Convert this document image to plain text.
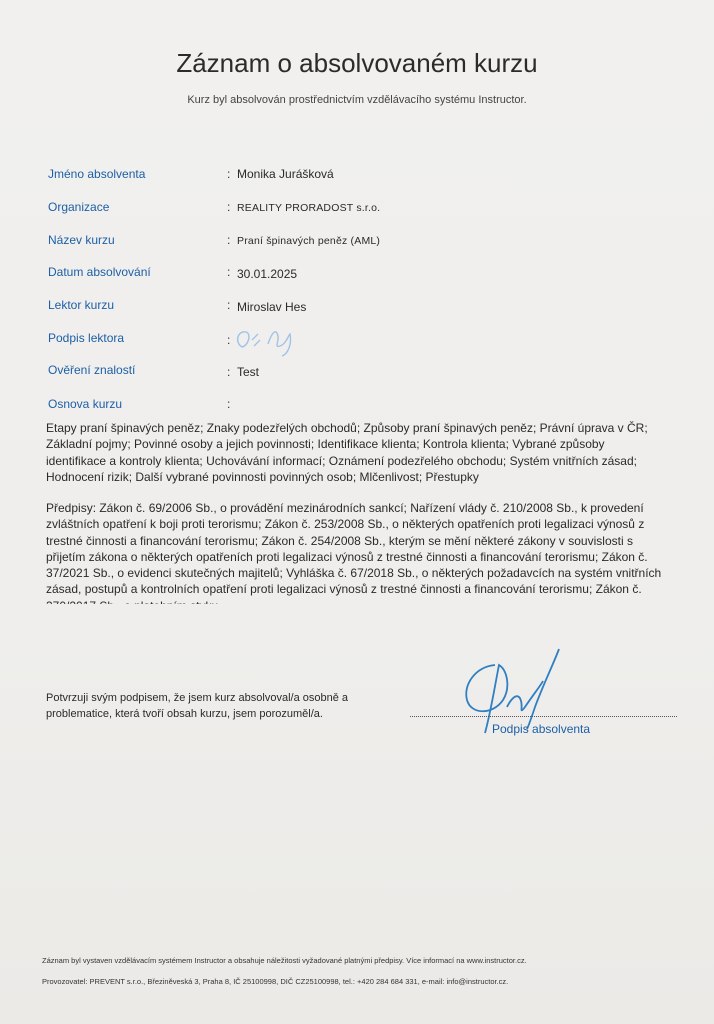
Záznam o absolvovaném kurzu
Kurz byl absolvován prostřednictvím vzdělávacího systému Instructor.
Jméno absolventa	: Monika Jurášková
Organizace	: REALITY PRORADOST s.r.o.
Název kurzu	: Praní špinavých peněz (AML)
Datum absolvování	: 30.01.2025
Lektor kurzu	: Miroslav Hes
Podpis lektora	:
Ověření znalostí	: Test
Osnova kurzu	:
Etapy praní špinavých peněz; Znaky podezřelých obchodů; Způsoby praní špinavých peněz; Právní úprava v ČR; Základní pojmy; Povinné osoby a jejich povinnosti; Identifikace klienta; Kontrola klienta; Vybrané způsoby identifikace a kontroly klienta; Uchovávání informací; Oznámení podezřelého obchodu; Systém vnitřních zásad; Hodnocení rizik; Další vybrané povinnosti povinných osob; Mlčenlivost; Přestupky
Předpisy: Zákon č. 69/2006 Sb., o provádění mezinárodních sankcí; Nařízení vlády č. 210/2008 Sb., k provedení zvláštních opatření k boji proti terorismu; Zákon č. 253/2008 Sb., o některých opatřeních proti legalizaci výnosů z trestné činnosti a financování terorismu; Zákon č. 254/2008 Sb., kterým se mění některé zákony v souvislosti s přijetím zákona o některých opatřeních proti legalizaci výnosů z trestné činnosti a financování terorismu; Zákon č. 37/2021 Sb., o evidenci skutečných majitelů; Vyhláška č. 67/2018 Sb., o některých požadavcích na systém vnitřních zásad, postupů a kontrolních opatření proti legalizaci výnosů z trestné činnosti a financování terorismu; Zákon č.
Potvrzuji svým podpisem, že jsem kurz absolvoval/a osobně a problematice, která tvoří obsah kurzu, jsem porozuměl/a.
Podpis absolventa
Záznam byl vystaven vzdělávacím systémem Instructor a obsahuje náležitosti vyžadované platnými předpisy. Více informací na www.instructor.cz.
Provozovatel: PREVENT s.r.o., Březiněveská 3, Praha 8, IČ 25100998, DIČ CZ25100998, tel.: +420 284 684 331, e-mail: info@instructor.cz.
